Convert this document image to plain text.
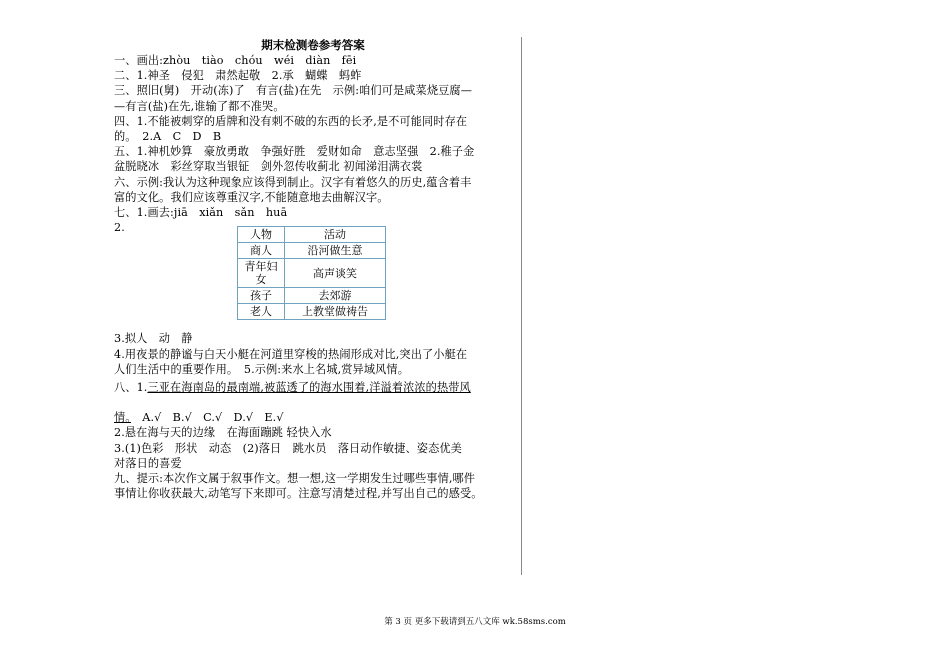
期末检测卷参考答案
一、画出:zhòu　tiào　chóu　wéi　diàn　fēi
二、1.神圣　侵犯　肃然起敬　2.承　蝴蝶　蚂蚱
三、照旧(舅)　开动(冻)了　有言(盐)在先　示例:咱们可是咸菜烧豆腐—
—有言(盐)在先,谁输了都不准哭。
四、1.不能被刺穿的盾牌和没有刺不破的东西的长矛,是不可能同时存在
的。　2.A　C　D　B
五、1.神机妙算　豪放勇敢　争强好胜　爱财如命　意志坚强　2.稚子金
盆脱晓冰　彩丝穿取当银钲　剑外忽传收蓟北 初闻涕泪满衣裳
六、示例:我认为这种现象应该得到制止。汉字有着悠久的历史,蕴含着丰
富的文化。我们应该尊重汉字,不能随意地去曲解汉字。
七、1.画去:jiā　xiǎn　sǎn　huā
2.
3.拟人　动　静
4.用夜景的静谧与白天小艇在河道里穿梭的热闹形成对比,突出了小艇在
人们生活中的重要作用。　5.示例:来水上名城,赏异域风情。
八、1.三亚在海南岛的最南端,被蓝透了的海水围着,洋溢着浓浓的热带风
情。　A.√　B.√　C.√　D.√　E.√
2.悬在海与天的边缘　在海面蹦跳 轻快入水
3.(1)色彩　形状　动态　(2)落日　跳水员　落日动作敏捷、姿态优美
对落日的喜爱
九、提示:本次作文属于叙事作文。想一想,这一学期发生过哪些事情,哪件
事情让你收获最大,动笔写下来即可。注意写清楚过程,并写出自己的感受。
人物	活动
商人	沿河做生意
青年妇女	高声谈笑
孩子	去郊游
老人	上教堂做祷告
第 3 页 更多下载请到五八文库 wk.58sms.com
